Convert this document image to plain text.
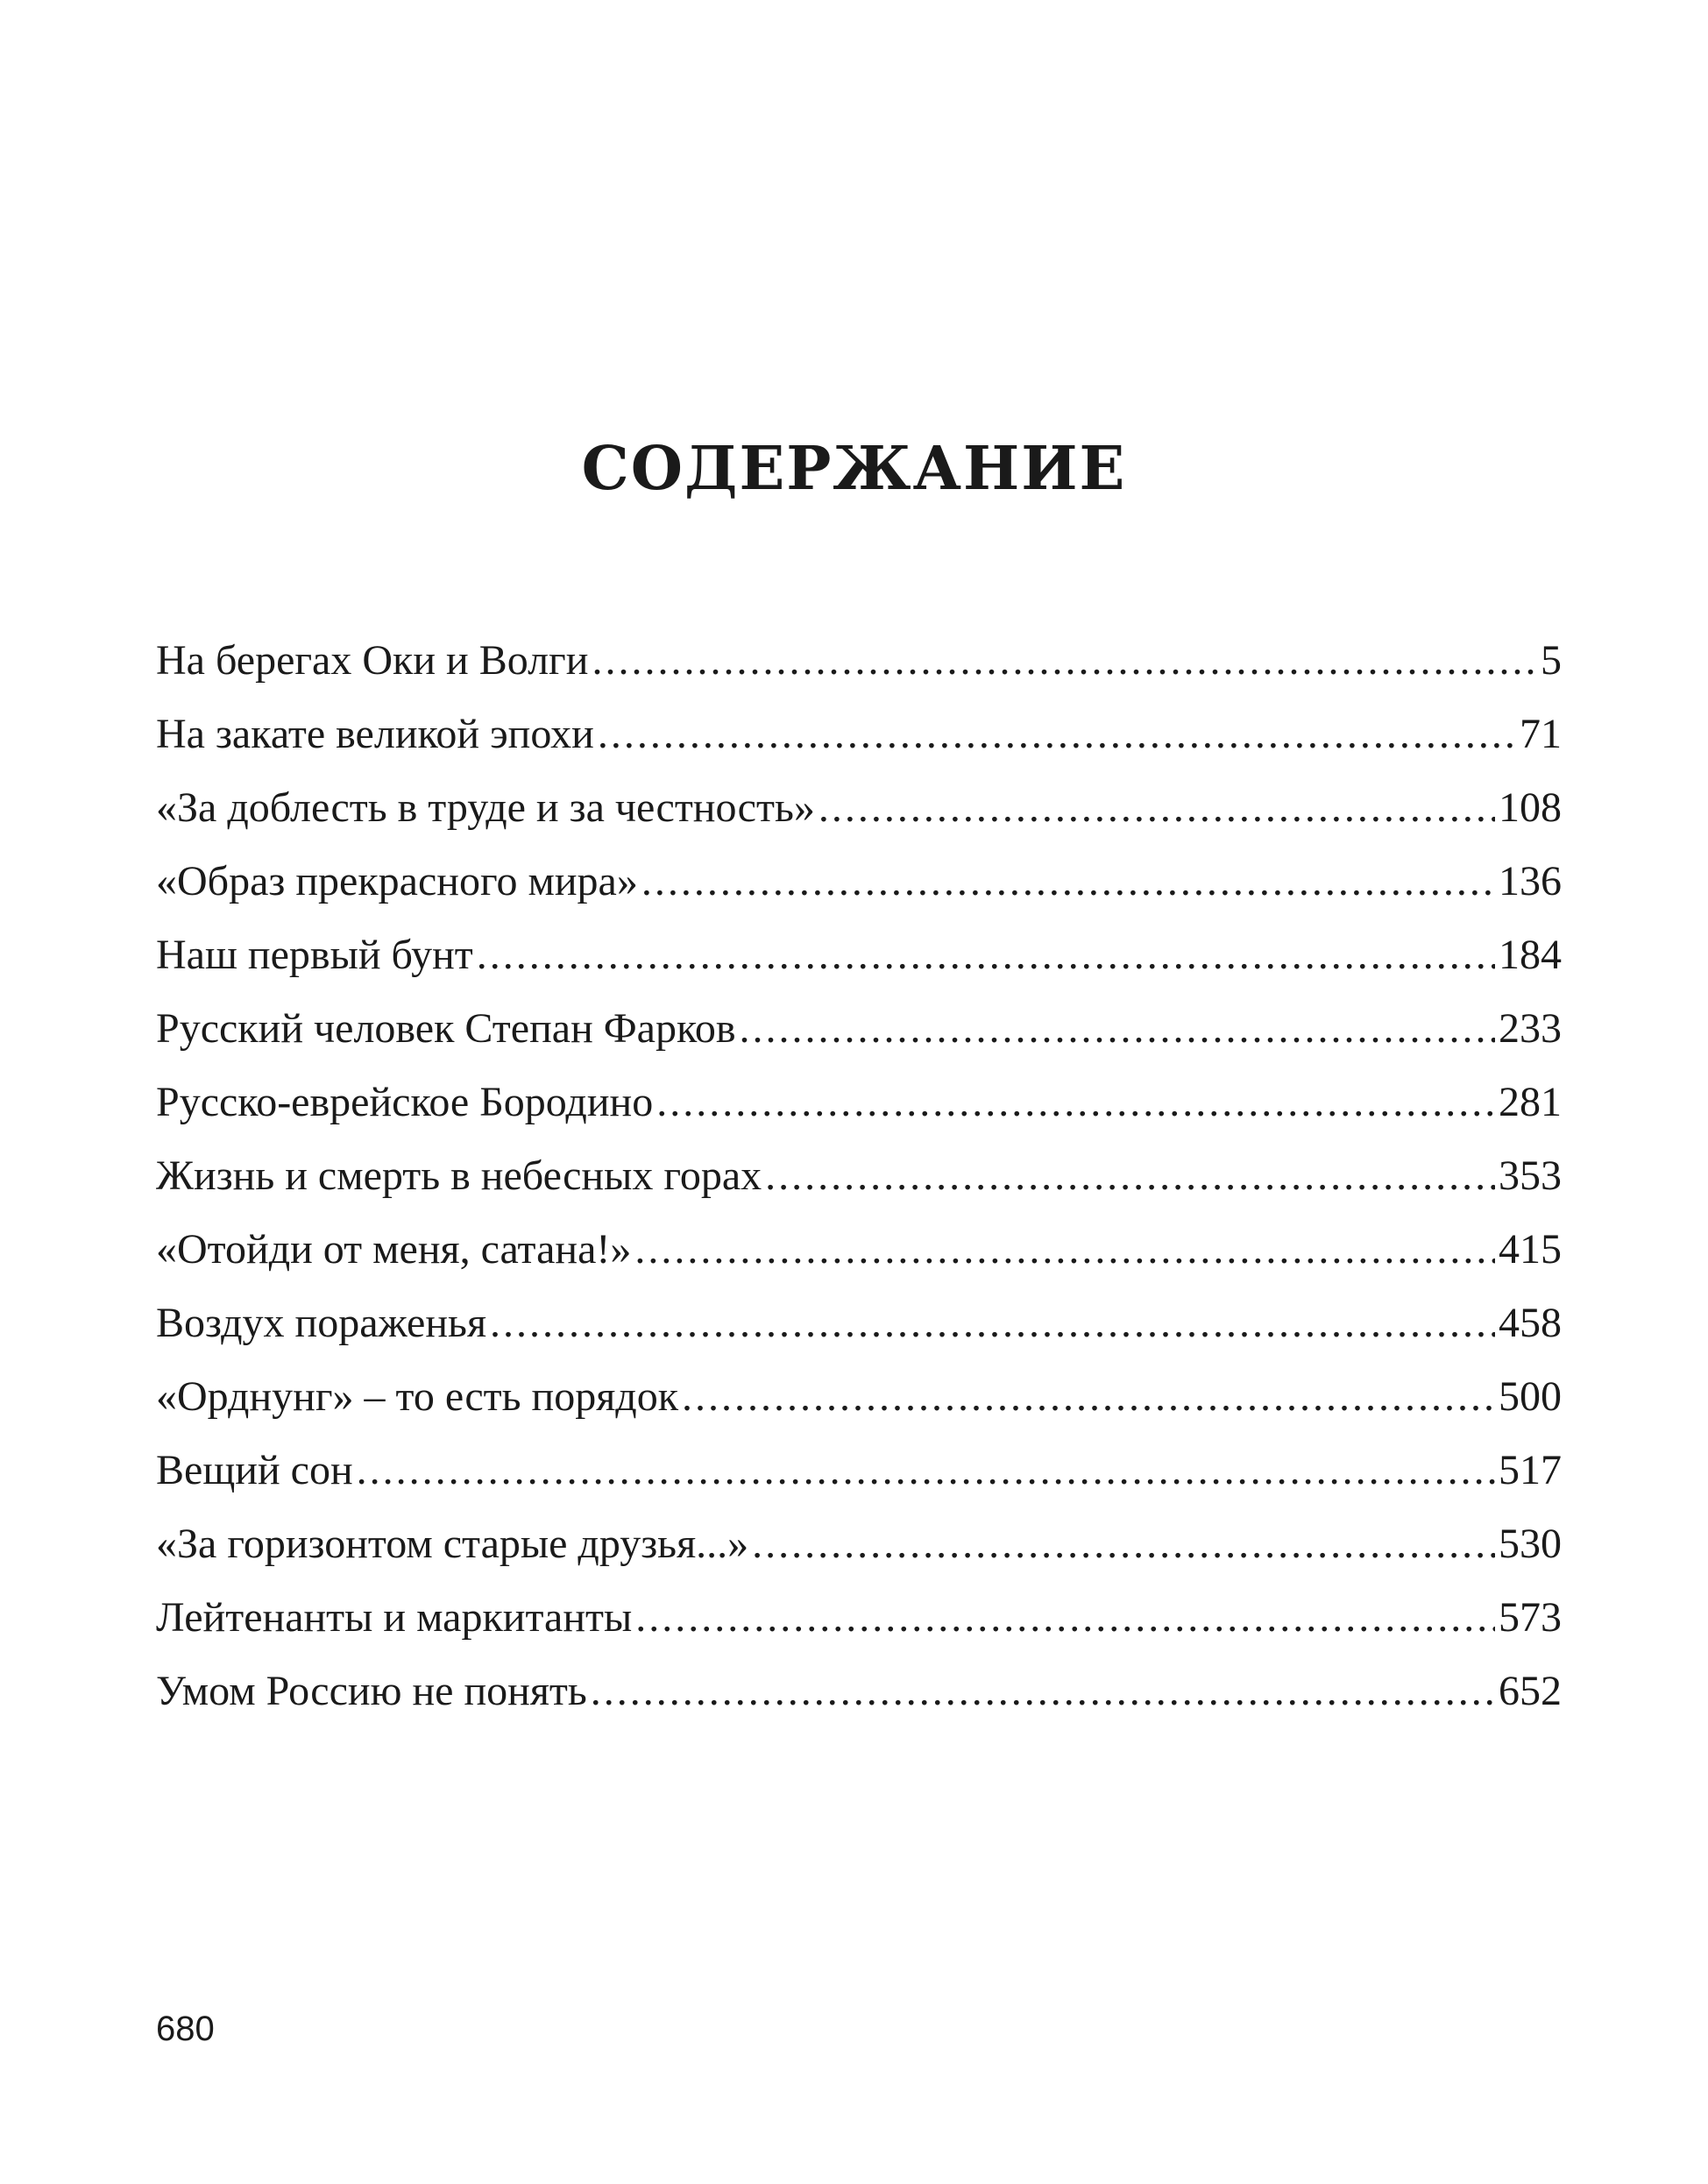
СОДЕРЖАНИЕ
На берегах Оки и Волги .....	5
На закате великой эпохи .....	71
«За доблесть в труде и за честность» .....	108
«Образ прекрасного мира» .....	136
Наш первый бунт .....	184
Русский человек Степан Фарков .....	233
Русско-еврейское Бородино .....	281
Жизнь и смерть в небесных горах .....	353
«Отойди от меня, сатана!» .....	415
Воздух пораженья .....	458
«Орднунг» – то есть порядок .....	500
Вещий сон .....	517
«За горизонтом старые друзья...» .....	530
Лейтенанты и маркитанты .....	573
Умом Россию не понять .....	652
680
